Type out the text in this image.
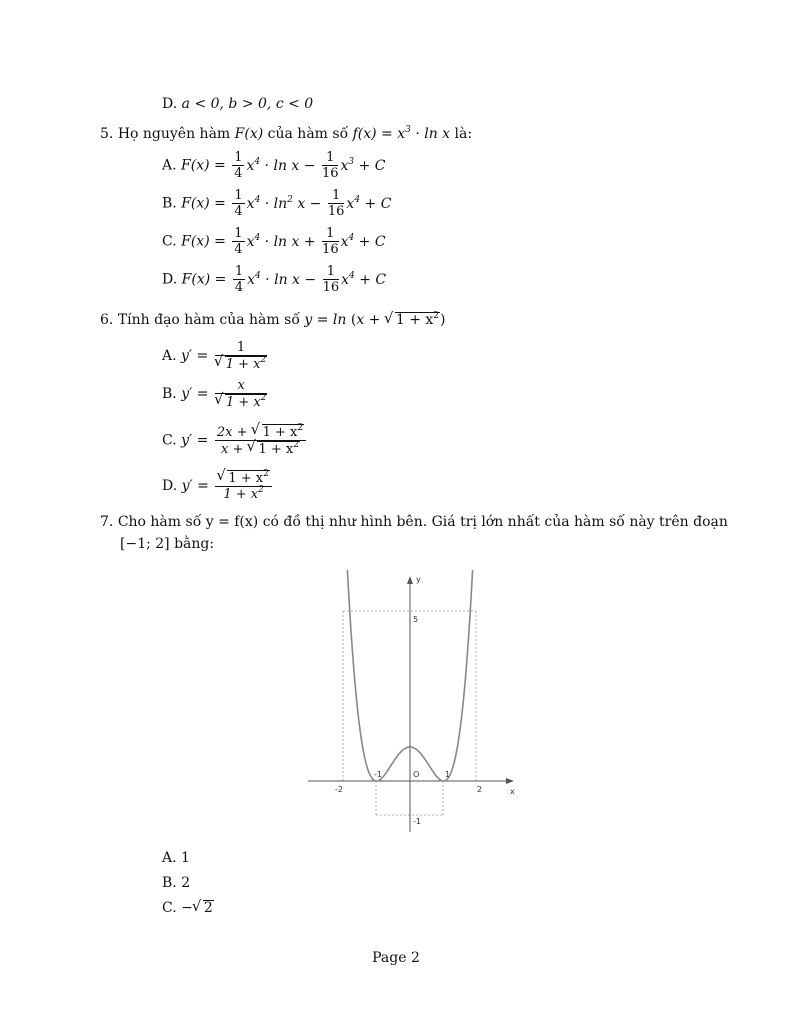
D. a < 0, b > 0, c < 0
5. Họ nguyên hàm F(x) của hàm số $f(x) = x^3 \cdot \ln x$ là:
A. $F(x) = \frac{1}{4} x^4 \cdot \ln x - \frac{1}{16} x^3 + C$
B. $F(x) = \frac{1}{4} x^4 \cdot \ln^2 x - \frac{1}{16} x^4 + C$
C. $F(x) = \frac{1}{4} x^4 \cdot \ln x + \frac{1}{16} x^4 + C$
D. $F(x) = \frac{1}{4} x^4 \cdot \ln x - \frac{1}{16} x^4 + C$
6. Tính đạo hàm của hàm số y = ln (x + √ $1 + x^2$)
A. y′ = 1
√ $1 + x^2$
B. y′ = x
√ $1 + x^2$
C. $y' = \frac{2x + √ 1 + x^2}{x + √ 1 + x^2}$
D. y′ = √ $\frac{1 + x^2}{1 + x^2}$
7. Cho hàm số y = f(x) có đồ thị như hình bên. Giá trị lớn nhất của hàm số này trên đoạn
[−1; 2] bằng:
y
x
O
5
-1
-2
-1	1
2
A. 1
B. 2
C. − √ 2
Page 2
